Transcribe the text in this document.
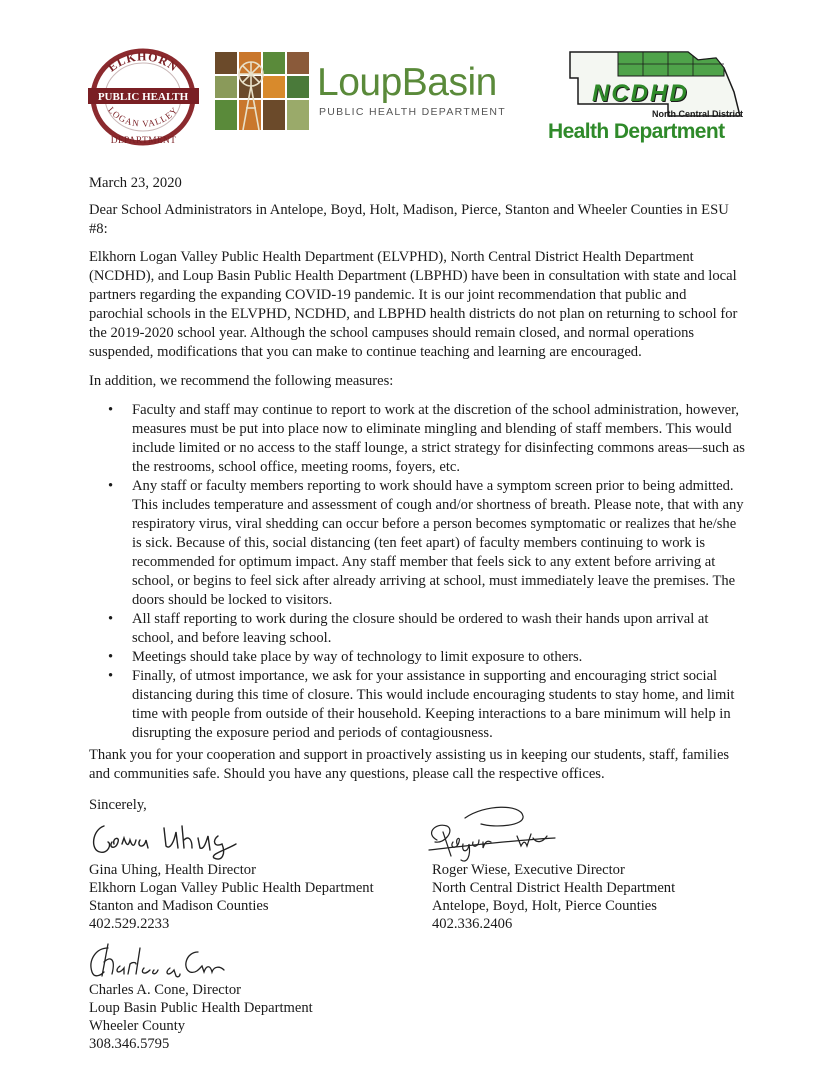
ELKHORN
PUBLIC HEALTH
LOGAN VALLEY
DEPARTMENT
LoupBasin
PUBLIC HEALTH DEPARTMENT
NCDHD
North Central District
Health Department

March 23, 2020

Dear School Administrators in Antelope, Boyd, Holt, Madison, Pierce, Stanton and Wheeler Counties in ESU #8:

Elkhorn Logan Valley Public Health Department (ELVPHD), North Central District Health Department (NCDHD), and Loup Basin Public Health Department (LBPHD) have been in consultation with state and local partners regarding the expanding COVID-19 pandemic. It is our joint recommendation that public and parochial schools in the ELVPHD, NCDHD, and LBPHD health districts do not plan on returning to school for the 2019-2020 school year. Although the school campuses should remain closed, and normal operations suspended, modifications that you can make to continue teaching and learning are encouraged.

In addition, we recommend the following measures:

• Faculty and staff may continue to report to work at the discretion of the school administration, however, measures must be put into place now to eliminate mingling and blending of staff members. This would include limited or no access to the staff lounge, a strict strategy for disinfecting commons areas—such as the restrooms, school office, meeting rooms, foyers, etc.
• Any staff or faculty members reporting to work should have a symptom screen prior to being admitted. This includes temperature and assessment of cough and/or shortness of breath. Please note, that with any respiratory virus, viral shedding can occur before a person becomes symptomatic or realizes that he/she is sick. Because of this, social distancing (ten feet apart) of faculty members continuing to work is recommended for optimum impact. Any staff member that feels sick to any extent before arriving at school, or begins to feel sick after already arriving at school, must immediately leave the premises. The doors should be locked to visitors.
• All staff reporting to work during the closure should be ordered to wash their hands upon arrival at school, and before leaving school.
• Meetings should take place by way of technology to limit exposure to others.
• Finally, of utmost importance, we ask for your assistance in supporting and encouraging strict social distancing during this time of closure. This would include encouraging students to stay home, and limit time with people from outside of their household. Keeping interactions to a bare minimum will help in disrupting the exposure period and periods of contagiousness.

Thank you for your cooperation and support in proactively assisting us in keeping our students, staff, families and communities safe. Should you have any questions, please call the respective offices.

Sincerely,

Gina Uhing, Health Director
Elkhorn Logan Valley Public Health Department
Stanton and Madison Counties
402.529.2233
Roger Wiese, Executive Director
North Central District Health Department
Antelope, Boyd, Holt, Pierce Counties
402.336.2406
Charles A. Cone, Director
Loup Basin Public Health Department
Wheeler County
308.346.5795
